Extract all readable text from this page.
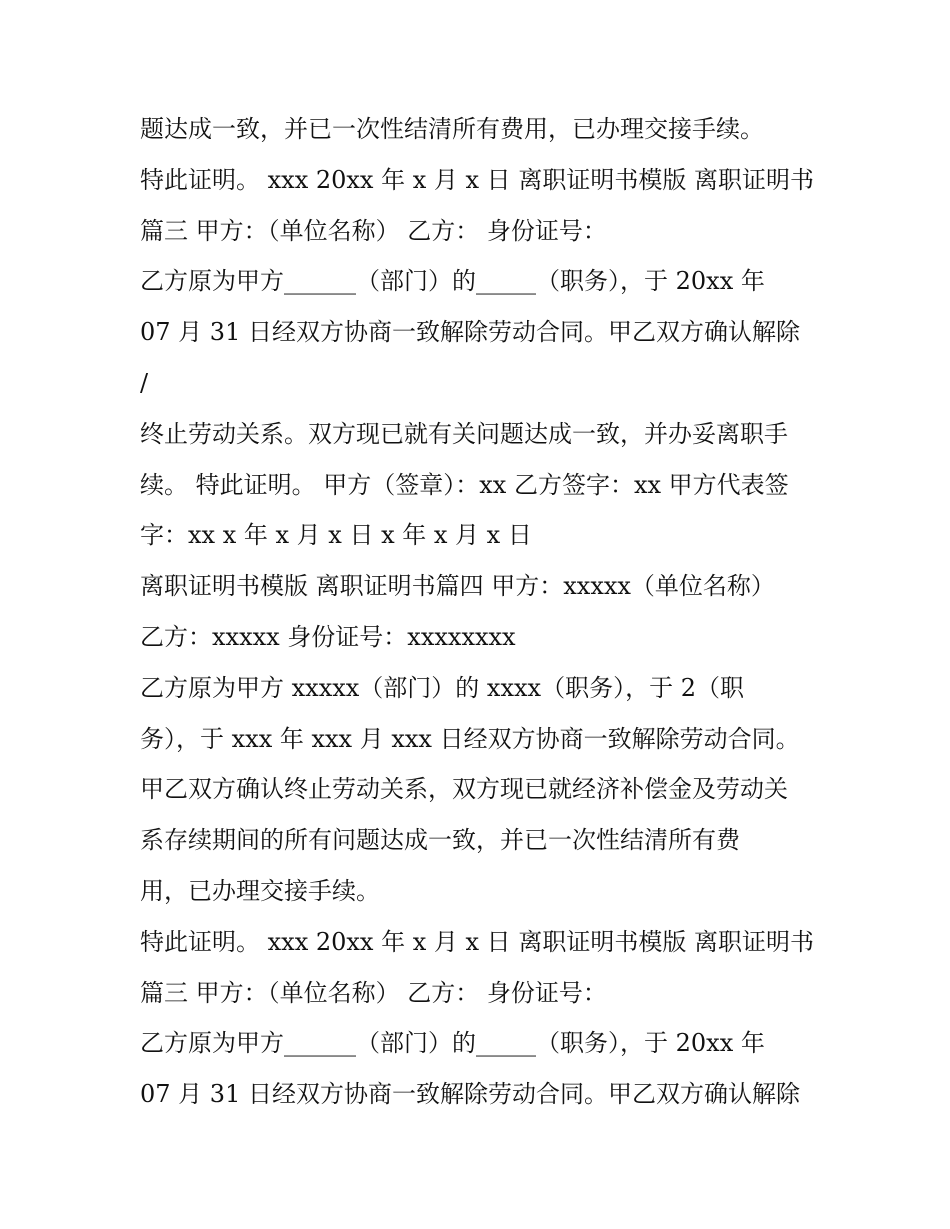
题达成一致，并已一次性结清所有费用，已办理交接手续。
特此证明。 xxx 20xx 年 x 月 x 日 离职证明书模版 离职证明书
篇三 甲方：（单位名称） 乙方： 身份证号：
乙方原为甲方______（部门）的_____（职务），于 20xx 年
07 月 31 日经双方协商一致解除劳动合同。甲乙双方确认解除
/
终止劳动关系。双方现已就有关问题达成一致，并办妥离职手
续。 特此证明。 甲方（签章）：xx 乙方签字：xx 甲方代表签
字：xx x 年 x 月 x 日 x 年 x 月 x 日
离职证明书模版 离职证明书篇四 甲方：xxxxx（单位名称）
乙方：xxxxx 身份证号：xxxxxxxx
乙方原为甲方 xxxxx（部门）的 xxxx（职务），于 2（职
务），于 xxx 年 xxx 月 xxx 日经双方协商一致解除劳动合同。
甲乙双方确认终止劳动关系，双方现已就经济补偿金及劳动关
系存续期间的所有问题达成一致，并已一次性结清所有费
用，已办理交接手续。
特此证明。 xxx 20xx 年 x 月 x 日 离职证明书模版 离职证明书
篇三 甲方：（单位名称） 乙方： 身份证号：
乙方原为甲方______（部门）的_____（职务），于 20xx 年
07 月 31 日经双方协商一致解除劳动合同。甲乙双方确认解除
